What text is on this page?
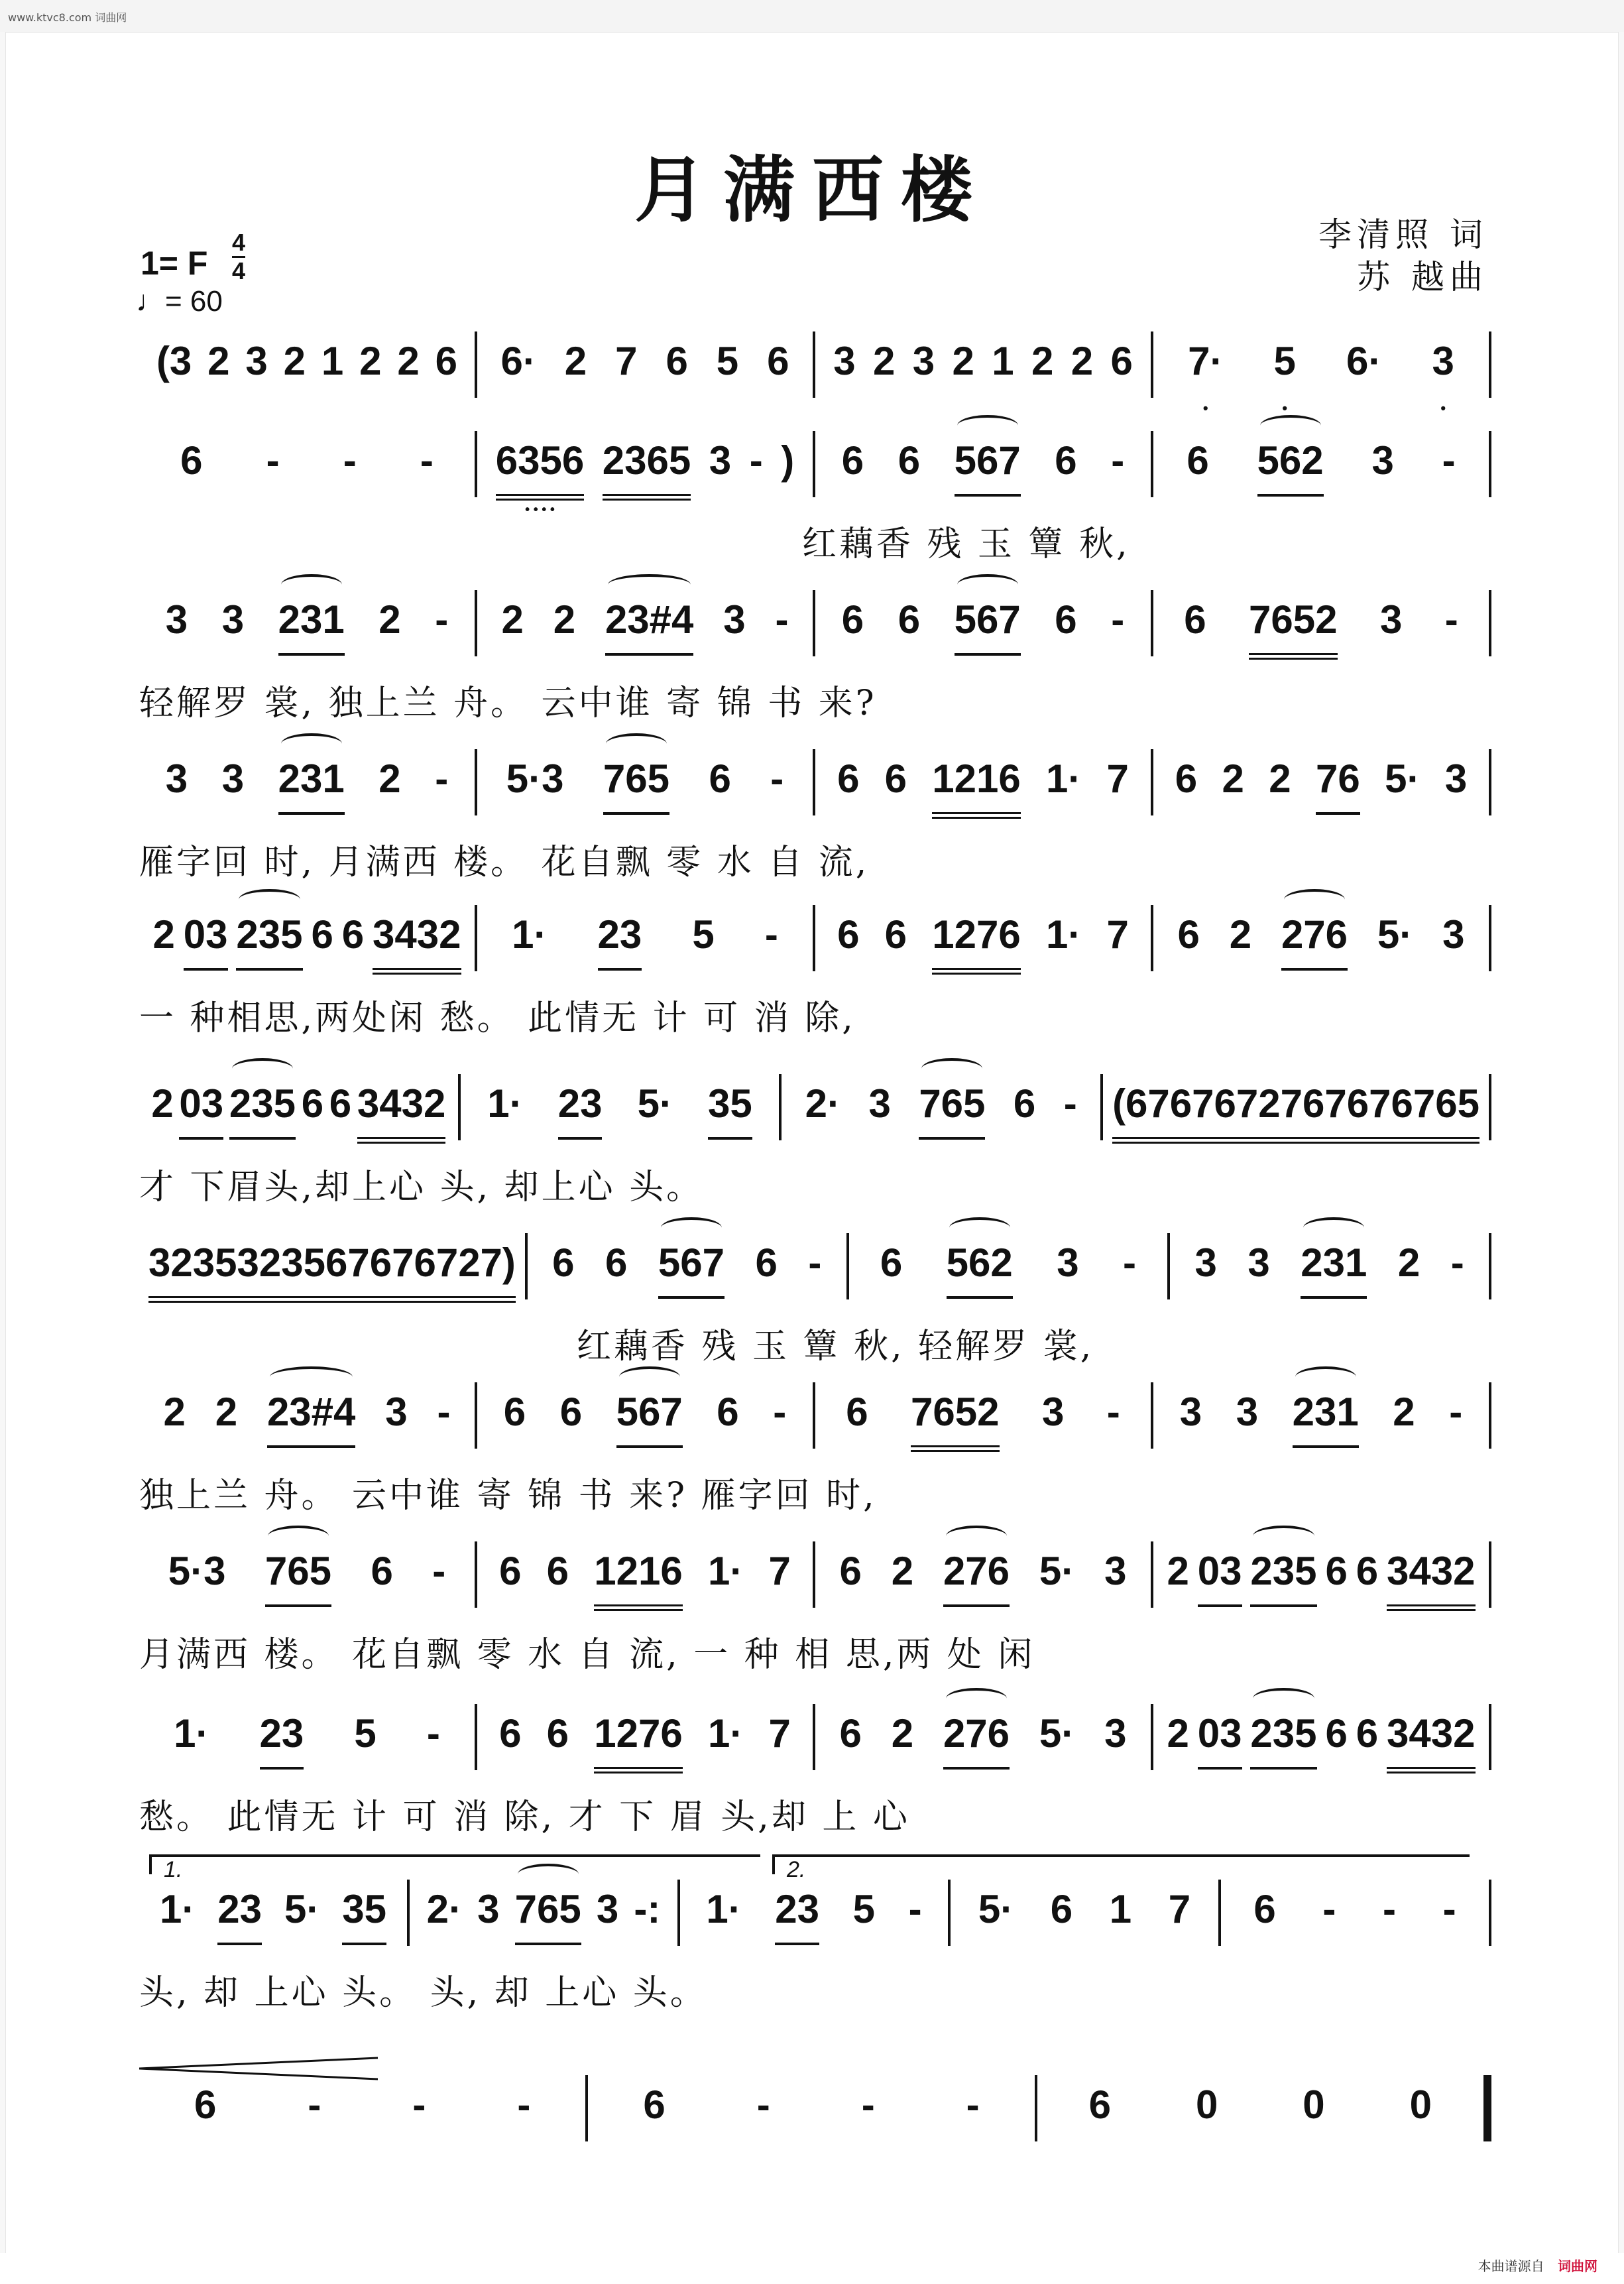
www.ktvc8.com 词曲网
月满西楼
1= F
4
4
♩= 60
李清照 词
苏 越曲
(3 2 3 2 1 2 2 6 6· 2 7 6 5 6 3 2 3 2 1 2 2 6 7· • 5 • 6· 3 •
6 - - - 6356 • • 2365 3 - ) 6 6 567 6 - 6 562 3 -
红藕香 残 玉 簟 秋,
3 3 231 2 - 2 2 23#4 3 - 6 6 567 6 - 6 7652 3 -
轻解罗 裳, 独上兰 舟。 云中谁 寄 锦 书 来?
3 3 231 2 - 5·3 765 6 - 6 6 1216 1· 7 6 2 2 76 5· 3
雁字回 时, 月满西 楼。 花自飘 零 水 自 流,
2 03 235 6 6 3432 1· 23 5 - 6 6 1276 1· 7 6 2 276 5· 3
一 种相思,两处闲 愁。 此情无 计 可 消 除,
2 03 235 6 6 3432 1· 23 5· 35 2· 3 765 6 - (6767 6727 6767 6765
才 下眉头,却上心 头, 却上心 头。
3235 3235 6767 6727) 6 6 567 6 - 6 562 3 - 3 3 231 2 -
红藕香 残 玉 簟 秋, 轻解罗 裳,
2 2 23#4 3 - 6 6 567 6 - 6 7652 3 - 3 3 231 2 -
独上兰 舟。 云中谁 寄 锦 书 来? 雁字回 时,
5·3 765 6 - 6 6 1216 1· 7 6 2 276 5· 3 2 03 235 6 6 3432
月满西 楼。 花自飘 零 水 自 流, 一 种 相 思,两 处 闲
1· 23 5 - 6 6 1276 1· 7 6 2 276 5· 3 2 03 235 6 6 3432
愁。 此情无 计 可 消 除, 才 下 眉 头,却 上 心
1· 23 5· 35 2· 3 765 3 -: 1· 23 5 - 5· 6 1 7 6 - - -
头, 却 上心 头。 头, 却 上心 头。
1.	2.
6 - - -	6 - - -	6 0 0 0
本曲谱源自 词曲网
